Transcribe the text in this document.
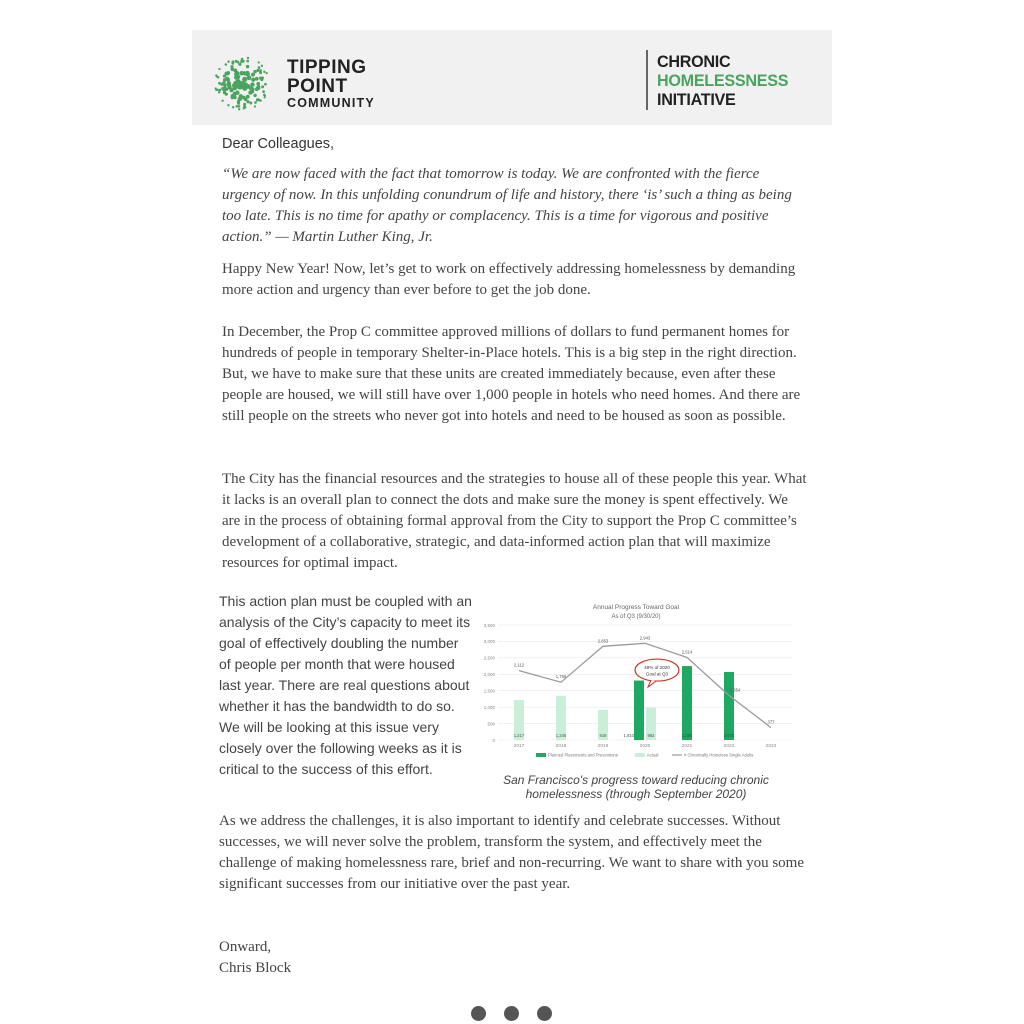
TIPPING
POINT
COMMUNITY
CHRONIC
HOMELESSNESS
INITIATIVE

Dear Colleagues,

“We are now faced with the fact that tomorrow is today. We are confronted with the fierce urgency of now. In this unfolding conundrum of life and history, there ‘is’ such a thing as being too late. This is no time for apathy or complacency. This is a time for vigorous and positive action.” — Martin Luther King, Jr.

Happy New Year! Now, let’s get to work on effectively addressing homelessness by demanding more action and urgency than ever before to get the job done.

In December, the Prop C committee approved millions of dollars to fund permanent homes for hundreds of people in temporary Shelter-in-Place hotels. This is a big step in the right direction. But, we have to make sure that these units are created immediately because, even after these people are housed, we will still have over 1,000 people in hotels who need homes. And there are still people on the streets who never got into hotels and need to be housed as soon as possible.

The City has the financial resources and the strategies to house all of these people this year. What it lacks is an overall plan to connect the dots and make sure the money is spent effectively. We are in the process of obtaining formal approval from the City to support the Prop C committee’s development of a collaborative, strategic, and data-informed action plan that will maximize resources for optimal impact.

This action plan must be coupled with an analysis of the City’s capacity to meet its goal of effectively doubling the number of people per month that were housed last year. There are real questions about whether it has the bandwidth to do so. We will be looking at this issue very closely over the following weeks as it is critical to the success of this effort.

Annual Progress Toward Goal
As of Q3 (9/30/20)
0
500
1,000
1,500
2,000
2,500
3,000
3,500
2017	2018	2019	2020	2021	2022	2023
1,217	1,346	918	982	2,250	2,070
1,810
2,112
1,760
2,853
2,943
2,514
1,354
377
48% of 2020
Goal at Q3
Planned Placements and Preventions	Actual	# Chronically Homeless Single Adults

San Francisco's progress toward reducing chronic homelessness (through September 2020)

As we address the challenges, it is also important to identify and celebrate successes. Without successes, we will never solve the problem, transform the system, and effectively meet the challenge of making homelessness rare, brief and non-recurring. We want to share with you some significant successes from our initiative over the past year.

Onward,
Chris Block
